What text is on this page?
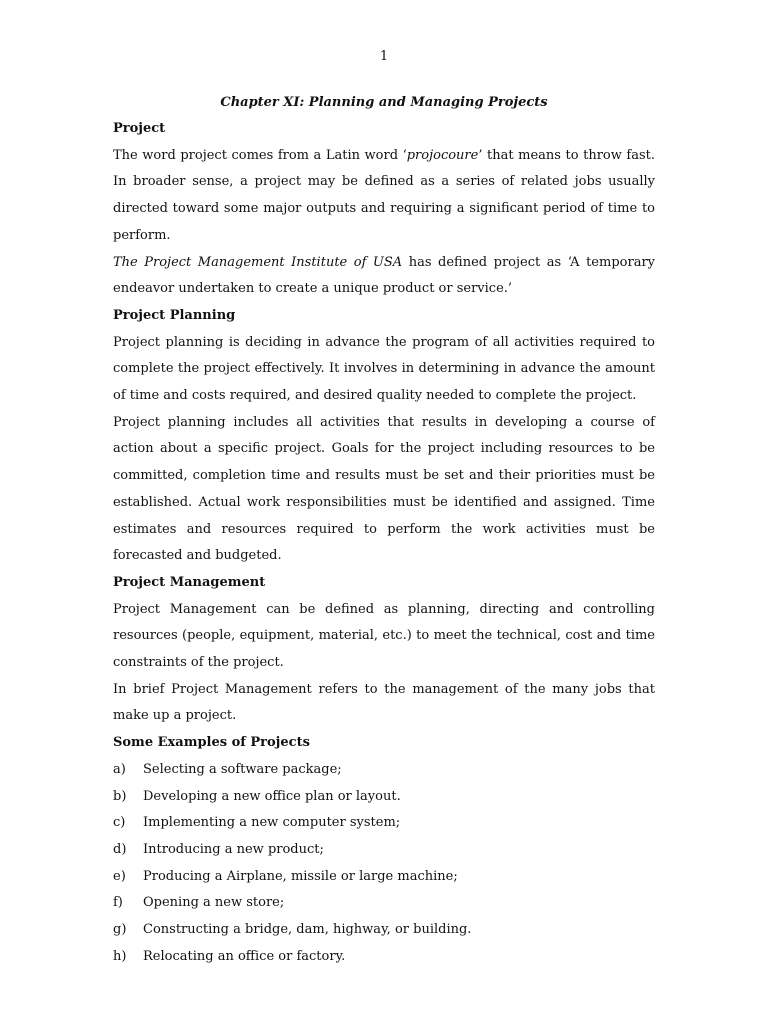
1
Chapter XI: Planning and Managing Projects
Project

The word project comes from a Latin word ‘projocoure’ that means to throw fast. In broader sense, a project may be defined as a series of related jobs usually directed toward some major outputs and requiring a significant period of time to perform.

The Project Management Institute of USA has defined project as ‘A temporary endeavor undertaken to create a unique product or service.’

Project Planning

Project planning is deciding in advance the program of all activities required to complete the project effectively. It involves in determining in advance the amount of time and costs required, and desired quality needed to complete the project.

Project planning includes all activities that results in developing a course of action about a specific project. Goals for the project including resources to be committed, completion time and results must be set and their priorities must be established. Actual work responsibilities must be identified and assigned. Time estimates and resources required to perform the work activities must be forecasted and budgeted.

Project Management

Project Management can be defined as planning, directing and controlling resources (people, equipment, material, etc.) to meet the technical, cost and time constraints of the project.

In brief Project Management refers to the management of the many jobs that make up a project.

Some Examples of Projects
a)	Selecting a software package;
b)	Developing a new office plan or layout.
c)	Implementing a new computer system;
d)	Introducing a new product;
e)	Producing a Airplane, missile or large machine;
f)	Opening a new store;
g)	Constructing a bridge, dam, highway, or building.
h)	Relocating an office or factory.
